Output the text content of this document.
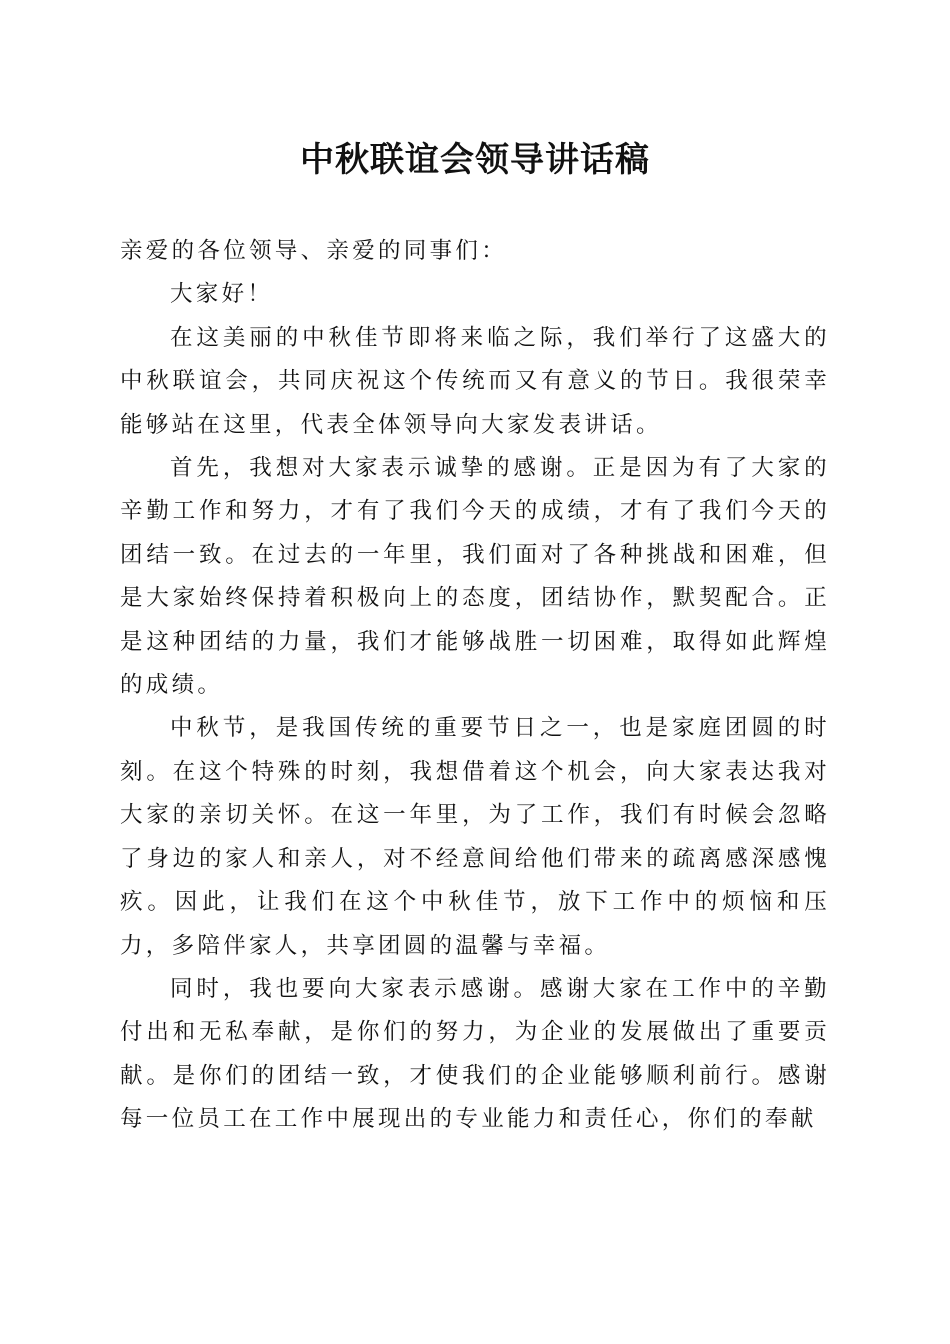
中秋联谊会领导讲话稿

亲爱的各位领导、亲爱的同事们：

大家好！

在这美丽的中秋佳节即将来临之际，我们举行了这盛大的中秋联谊会，共同庆祝这个传统而又有意义的节日。我很荣幸能够站在这里，代表全体领导向大家发表讲话。

首先，我想对大家表示诚挚的感谢。正是因为有了大家的辛勤工作和努力，才有了我们今天的成绩，才有了我们今天的团结一致。在过去的一年里，我们面对了各种挑战和困难，但是大家始终保持着积极向上的态度，团结协作，默契配合。正是这种团结的力量，我们才能够战胜一切困难，取得如此辉煌的成绩。

中秋节，是我国传统的重要节日之一，也是家庭团圆的时刻。在这个特殊的时刻，我想借着这个机会，向大家表达我对大家的亲切关怀。在这一年里，为了工作，我们有时候会忽略了身边的家人和亲人，对不经意间给他们带来的疏离感深感愧疚。因此，让我们在这个中秋佳节，放下工作中的烦恼和压力，多陪伴家人，共享团圆的温馨与幸福。

同时，我也要向大家表示感谢。感谢大家在工作中的辛勤付出和无私奉献，是你们的努力，为企业的发展做出了重要贡献。是你们的团结一致，才使我们的企业能够顺利前行。感谢每一位员工在工作中展现出的专业能力和责任心，你们的奉献
